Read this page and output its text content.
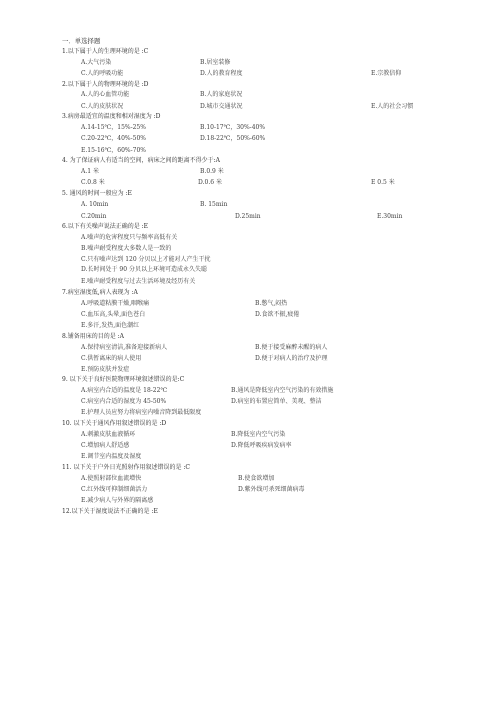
一．单选择题
1.以下属于人的生理环境的是 :C
A.大气污染	B.居室装修
C.人的呼吸功能	D.人的教育程度	E.宗教信仰
2.以下属于人的物理环境的是 :D
A.人的心血管功能	B.人的家庭状况
C.人的皮肤状况	D.城市交通状况	E.人的社会习惯
3.病房最适宜的温度和相对湿度为 :D
A.14-15℃，15%-25%	B.10-17℃，30%-40%
C.20-22℃，40%-50%	D.18-22℃，50%-60%
E.15-16℃，60%-70%
4. 为了保证病人有适当的空间，病床之间的距离不得少于:A
A.1 米	B.0.9 米
C.0.8 米	D.0.6 米	E 0.5 米
5. 通风的时间一般应为 :E
A. 10min	B. 15min
C.20min	D.25min	E.30min
6.以下有关噪声说法正确的是 :E
A.噪声的危害程度只与频率高低有关
B.噪声耐受程度大多数人是一致的
C.只有噪声达到 120 分贝以上才能对人产生干扰
D.长时间处于 90 分贝以上环境可造成永久失聪
E.噪声耐受程度与过去生活环境及经历有关
7.病室湿度低,病人表现为 :A
A.呼吸道粘膜干燥,咽喉痛	B.憋气,闷热
C.血压高,头晕,面色苍白	D.食欲不振,疲倦
E.多汗,发热,面色潮红
8.铺备用床的目的是 :A
A.保持病室清洁,准备迎接新病人	B.便于接受麻醉未醒的病人
C.供暂离床的病人使用	D.便于对病人的治疗及护理
E.预防皮肤并发症
9. 以下关于良好医院物理环境叙述错误的是:C
A.病室内合适的温度是 18-22℃	B.通风是降低室内空气污染的有效措施
C.病室内合适的湿度为 45-50%	D.病室的布置应简单、美观、整洁
E.护理人员应努力将病室内噪音降到最低限度
10. 以下关于通风作用叙述错误的是 :D
A.刺激皮肤血液循环	B.降低室内空气污染
C.增加病人舒适感	D.降低呼吸疾病发病率
E.调节室内温度及湿度
11. 以下关于户外日光照射作用叙述错误的是 :C
A.使照射部位血流增快	B.使食欲增加
C.红外线可抑制细菌活力	D.紫外线可杀死细菌病毒
E.减少病人与外界的隔离感
12.以下关于湿度说法不正确的是 :E
